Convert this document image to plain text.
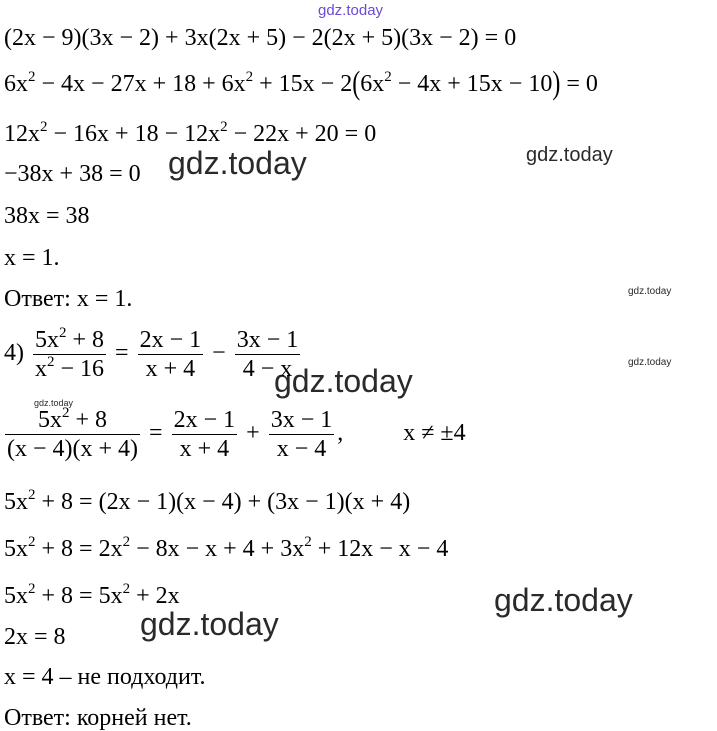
gdz.today
gdz.today	gdz.today
gdz.today
gdz.today
gdz.today
gdz.today
gdz.today
gdz.today
(2x − 9)(3x − 2) + 3x(2x + 5) − 2(2x + 5)(3x − 2) = 0
$6x^2 - 4x - 27x + 18 + 6x^2 + 15x - 2(6x^2 - 4x + 15x - 10) = 0$
$12x^2 - 16x + 18 - 12x^2 - 22x + 20 = 0$
−38x + 38 = 0
38x = 38
x = 1.
Ответ: x = 1.
$4) \frac{5x^2 + 8}{x^2 - 16} = \frac{2x - 1}{x + 4} - \frac{3x - 1}{4 - x}$
$\frac{5x^2 + 8}{(x - 4)(x + 4)} = \frac{2x - 1}{x + 4} + \frac{3x - 1}{x - 4}$ ,	x ≠ ±4
$5x^2 + 8 = (2x - 1)(x - 4) + (3x - 1)(x + 4)$
$5x^2 + 8 = 2x^2 - 8x - x + 4 + 3x^2 + 12x - x - 4$
$5x^2 + 8 = 5x^2 + 2x$
2x = 8
x = 4 – не подходит.
Ответ: корней нет.
